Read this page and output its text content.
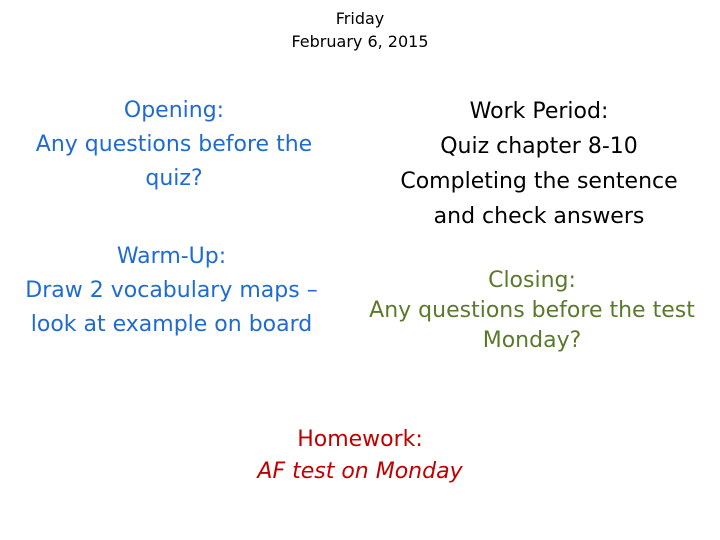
Friday
February 6, 2015
Opening:
Any questions before the
quiz?
Warm-Up:
Draw 2 vocabulary maps –
look at example on board
Work Period:
Quiz chapter 8-10
Completing the sentence
and check answers
Closing:
Any questions before the test
Monday?
Homework:
AF test on Monday
